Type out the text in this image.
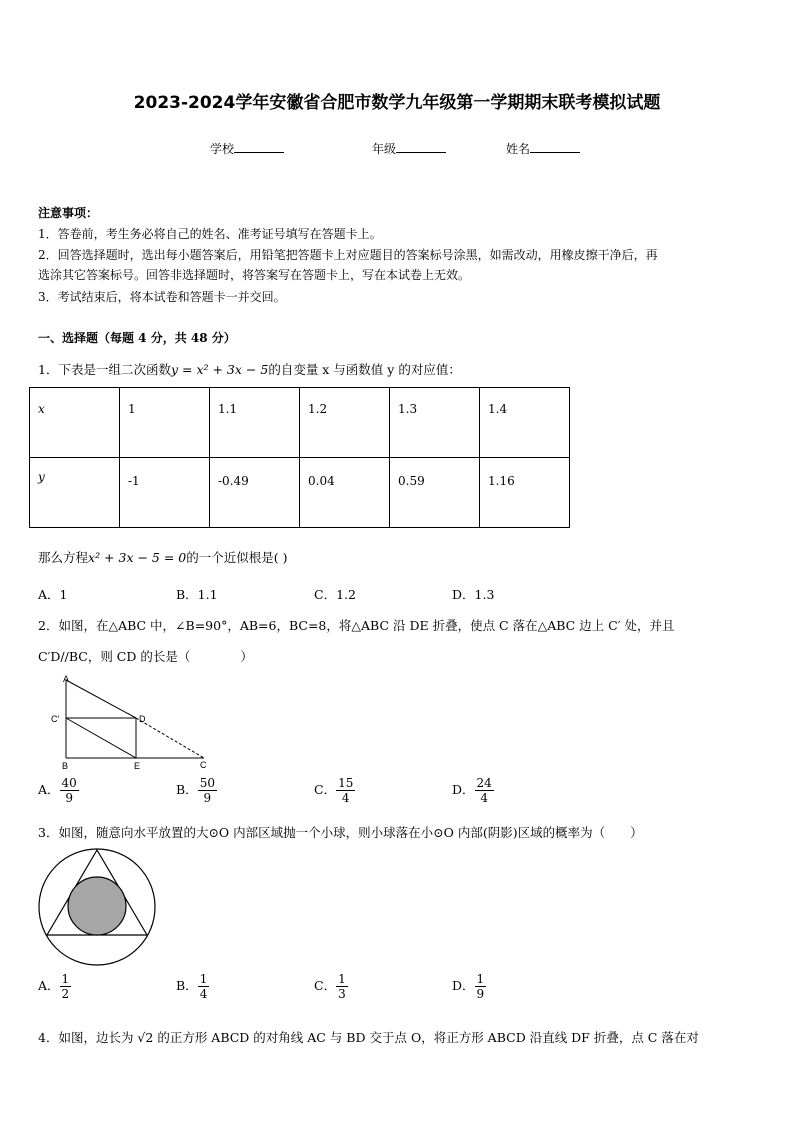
2023-2024学年安徽省合肥市数学九年级第一学期期末联考模拟试题
学校	年级	姓名
注意事项：
1．答卷前，考生务必将自己的姓名、准考证号填写在答题卡上。
2．回答选择题时，选出每小题答案后，用铅笔把答题卡上对应题目的答案标号涂黑，如需改动，用橡皮擦干净后，再
选涂其它答案标号。回答非选择题时，将答案写在答题卡上，写在本试卷上无效。
3．考试结束后，将本试卷和答题卡一并交回。
一、选择题（每题 4 分，共 48 分）
1．下表是一组二次函数y = x² + 3x − 5的自变量 x 与函数值 y 的对应值：
x	1	1.1	1.2	1.3	1.4
y	-1	-0.49	0.04	0.59	1.16
那么方程x² + 3x − 5 = 0的一个近似根是( )
A．1	B．1.1	C．1.2	D．1.3
2．如图，在△ABC 中，∠B=90°，AB=6，BC=8，将△ABC 沿 DE 折叠，使点 C 落在△ABC 边上 C′ 处，并且
C′D//BC，则 CD 的长是（　　　　）
A
C′	D
B	E	C
A． $\frac{40}{9}$	B． $\frac{50}{9}$	C． $\frac{15}{4}$	D． $\frac{24}{4}$
3．如图，随意向水平放置的大⊙O 内部区域抛一个小球，则小球落在小⊙O 内部(阴影)区域的概率为（　　）
A． $\frac{1}{2}$	B． $\frac{1}{4}$	C． $\frac{1}{3}$	D． $\frac{1}{9}$
4．如图，边长为 √2 的正方形 ABCD 的对角线 AC 与 BD 交于点 O，将正方形 ABCD 沿直线 DF 折叠，点 C 落在对
